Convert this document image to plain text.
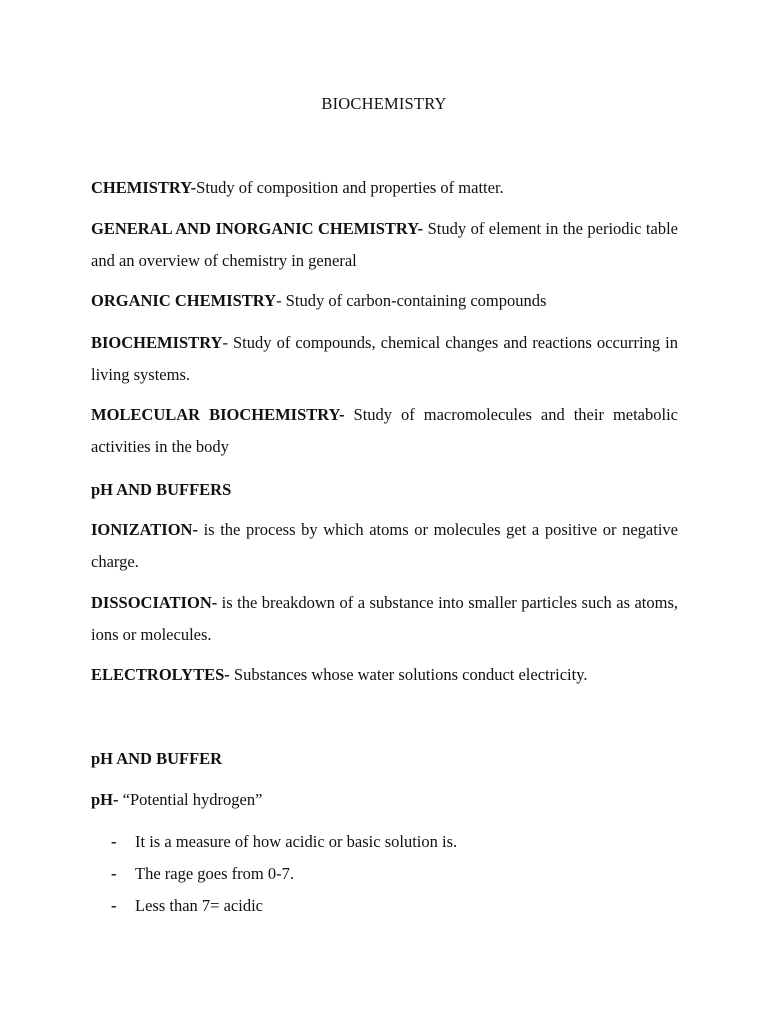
BIOCHEMISTRY
CHEMISTRY-Study of composition and properties of matter.
GENERAL AND INORGANIC CHEMISTRY- Study of element in the periodic table and an overview of chemistry in general
ORGANIC CHEMISTRY- Study of carbon-containing compounds
BIOCHEMISTRY- Study of compounds, chemical changes and reactions occurring in living systems.
MOLECULAR BIOCHEMISTRY- Study of macromolecules and their metabolic activities in the body
pH AND BUFFERS
IONIZATION- is the process by which atoms or molecules get a positive or negative charge.
DISSOCIATION- is the breakdown of a substance into smaller particles such as atoms, ions or molecules.
ELECTROLYTES- Substances whose water solutions conduct electricity.
pH AND BUFFER
pH- “Potential hydrogen”
- It is a measure of how acidic or basic solution is.
- The rage goes from 0-7.
- Less than 7= acidic
